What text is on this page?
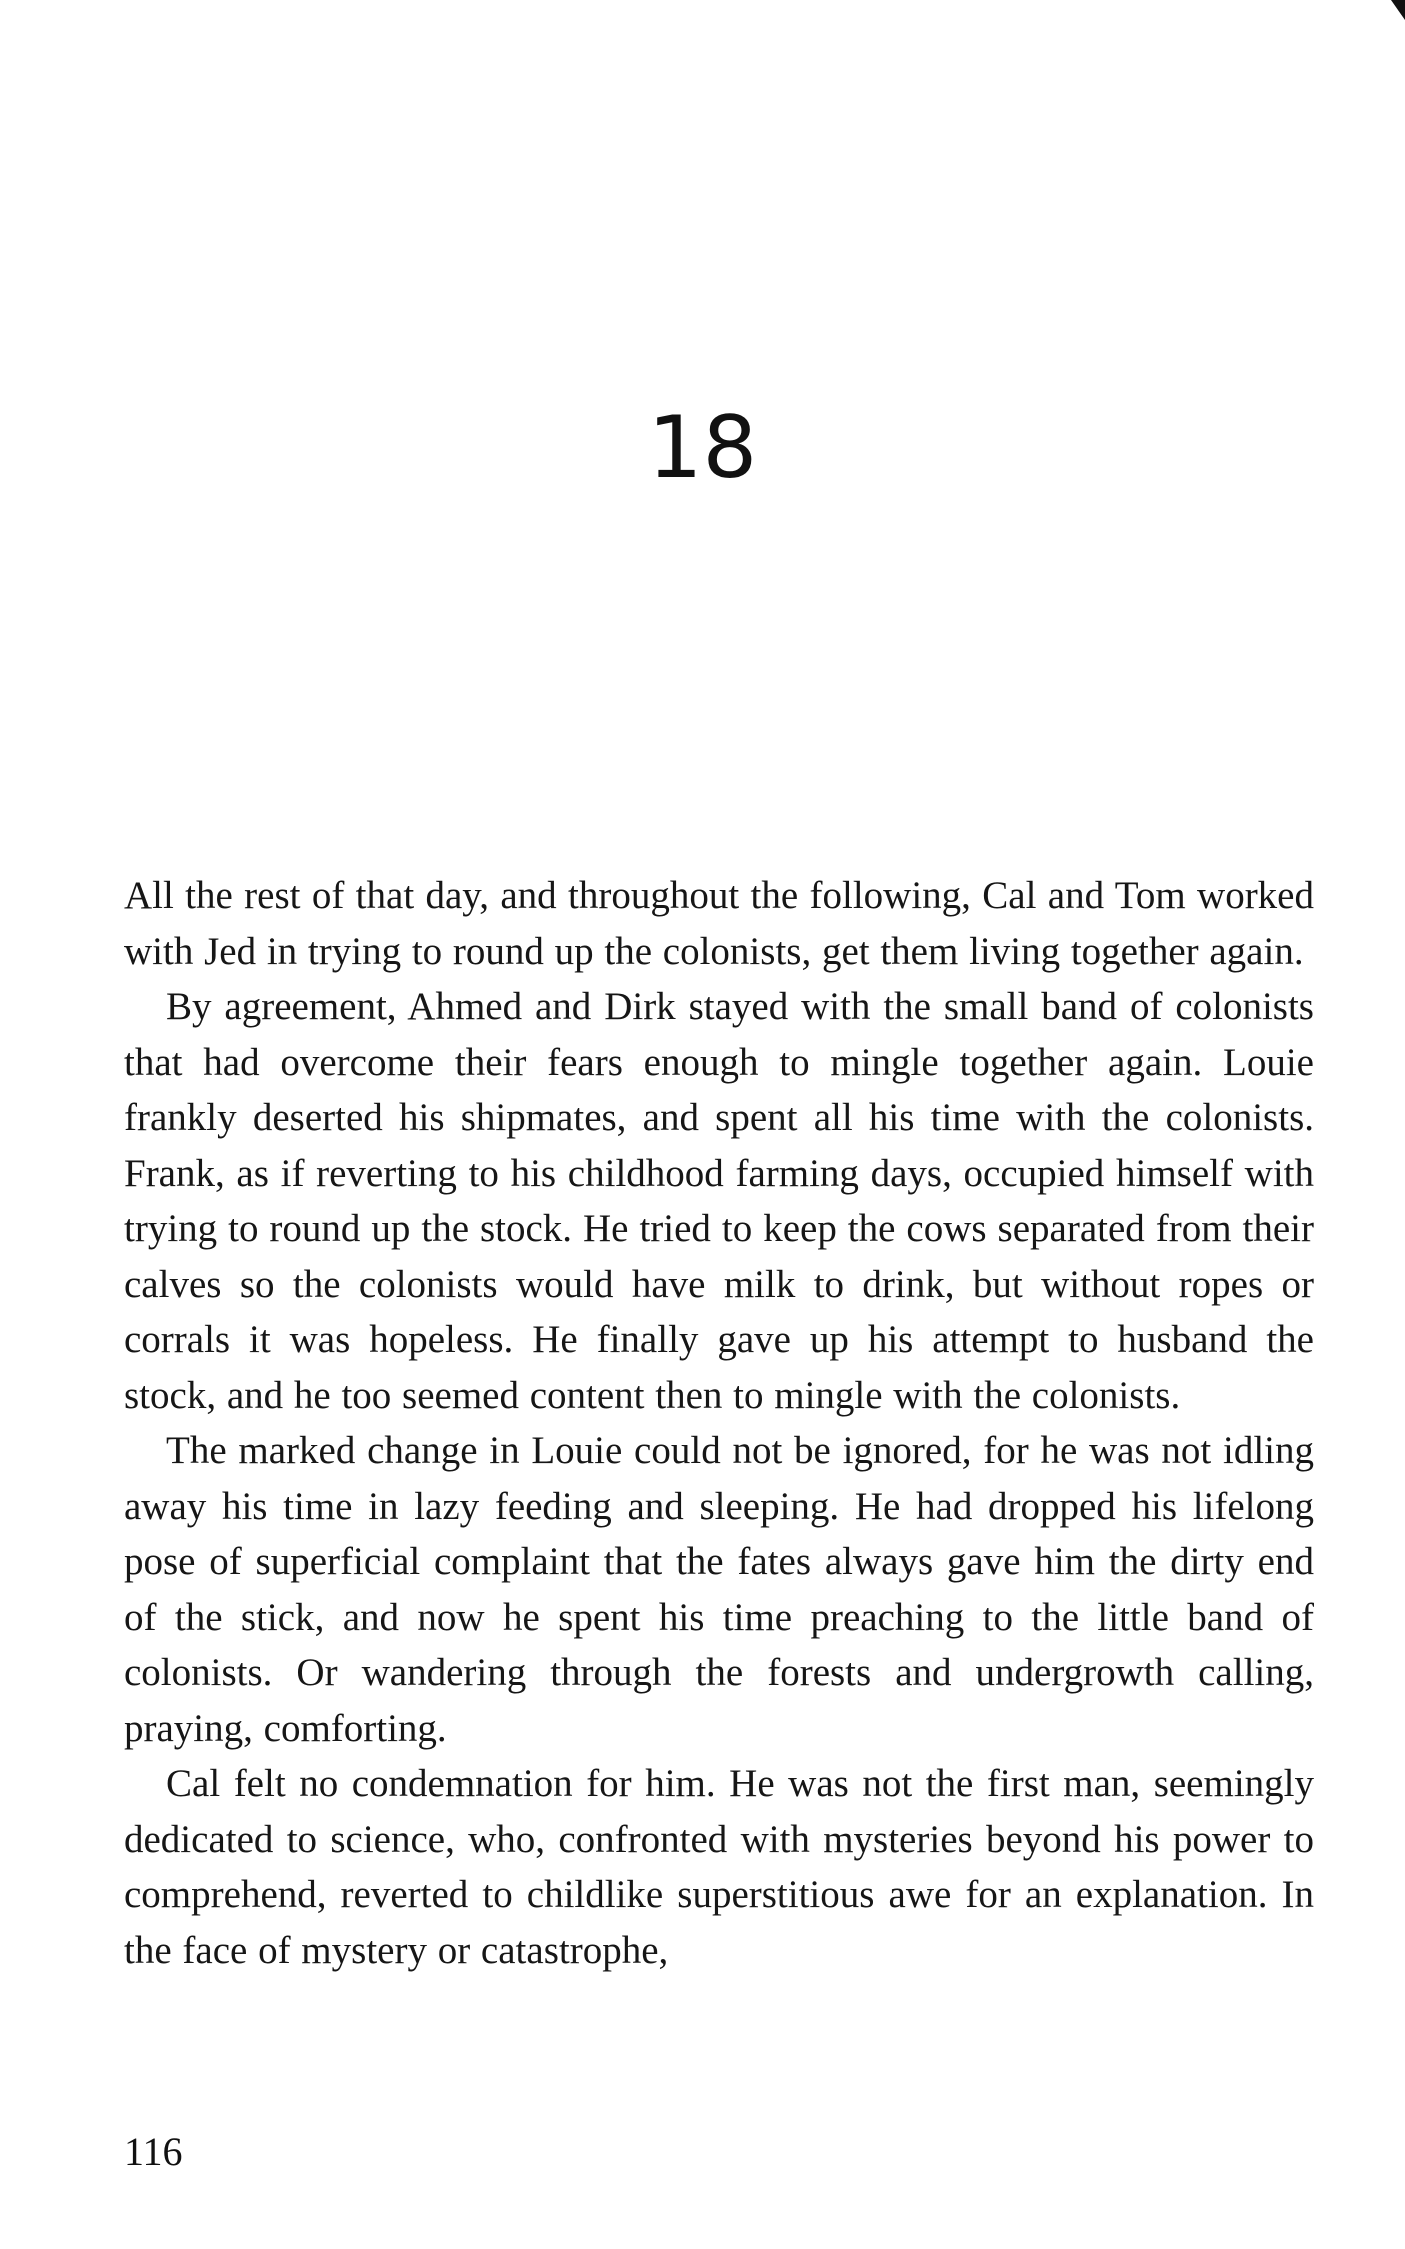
18

All the rest of that day, and throughout the following, Cal and Tom worked with Jed in trying to round up the colonists, get them living together again.

By agreement, Ahmed and Dirk stayed with the small band of colonists that had overcome their fears enough to mingle together again. Louie frankly deserted his shipmates, and spent all his time with the colonists. Frank, as if reverting to his childhood farming days, occupied himself with trying to round up the stock. He tried to keep the cows separated from their calves so the colonists would have milk to drink, but without ropes or corrals it was hopeless. He finally gave up his attempt to husband the stock, and he too seemed content then to mingle with the colonists.

The marked change in Louie could not be ignored, for he was not idling away his time in lazy feeding and sleeping. He had dropped his lifelong pose of superficial complaint that the fates always gave him the dirty end of the stick, and now he spent his time preaching to the little band of colonists. Or wandering through the forests and undergrowth calling, praying, comforting.

Cal felt no condemnation for him. He was not the first man, seemingly dedicated to science, who, confronted with mysteries beyond his power to comprehend, reverted to childlike superstitious awe for an explanation. In the face of mystery or catastrophe,

116
